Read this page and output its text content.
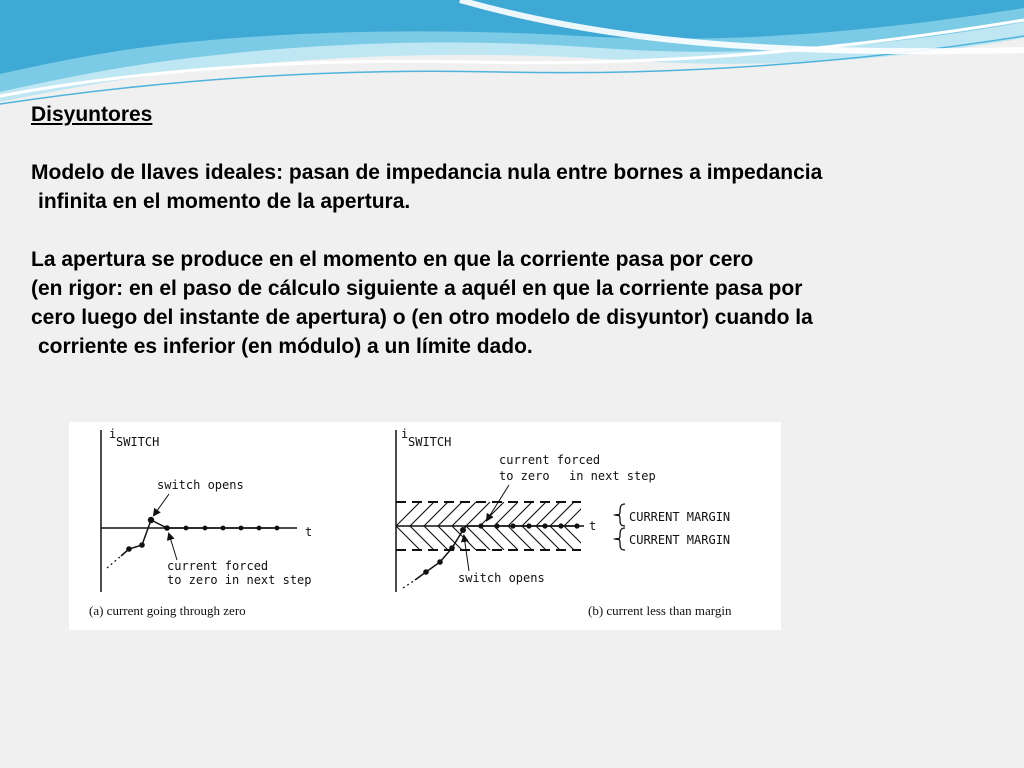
Disyuntores
Modelo de llaves ideales: pasan de impedancia nula entre bornes a impedancia
infinita en el momento de la apertura.
La apertura se produce en el momento en que la corriente pasa por cero
(en rigor: en el paso de cálculo siguiente a aquél en que la corriente pasa por
cero luego del instante de apertura) o (en otro modelo de disyuntor) cuando la
corriente es inferior (en módulo) a un límite dado.
i
SWITCH
t
switch opens
current forced
to zero in next step
(a) current going through zero
i
SWITCH
t
current forced
to zero in next step
CURRENT MARGIN
CURRENT MARGIN
switch opens
(b) current less than margin
